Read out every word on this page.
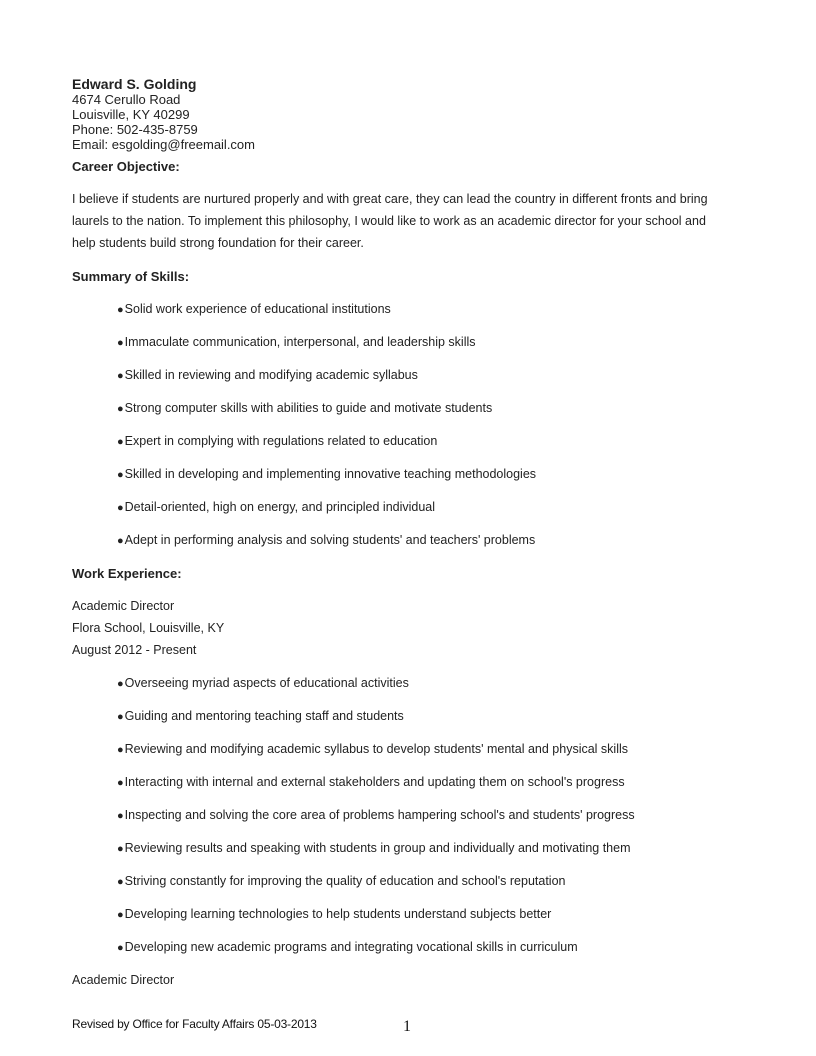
Edward S. Golding
4674 Cerullo Road
Louisville, KY 40299
Phone: 502-435-8759
Email: esgolding@freemail.com
Career Objective:
I believe if students are nurtured properly and with great care, they can lead the country in different fronts and bring laurels to the nation. To implement this philosophy, I would like to work as an academic director for your school and help students build strong foundation for their career.
Summary of Skills:
●Solid work experience of educational institutions
●Immaculate communication, interpersonal, and leadership skills
●Skilled in reviewing and modifying academic syllabus
●Strong computer skills with abilities to guide and motivate students
●Expert in complying with regulations related to education
●Skilled in developing and implementing innovative teaching methodologies
●Detail-oriented, high on energy, and principled individual
●Adept in performing analysis and solving students' and teachers' problems
Work Experience:
Academic Director
Flora School, Louisville, KY
August 2012 - Present
●Overseeing myriad aspects of educational activities
●Guiding and mentoring teaching staff and students
●Reviewing and modifying academic syllabus to develop students' mental and physical skills
●Interacting with internal and external stakeholders and updating them on school's progress
●Inspecting and solving the core area of problems hampering school's and students' progress
●Reviewing results and speaking with students in group and individually and motivating them
●Striving constantly for improving the quality of education and school's reputation
●Developing learning technologies to help students understand subjects better
●Developing new academic programs and integrating vocational skills in curriculum
Academic Director
Revised by Office for Faculty Affairs 05-03-2013	1
